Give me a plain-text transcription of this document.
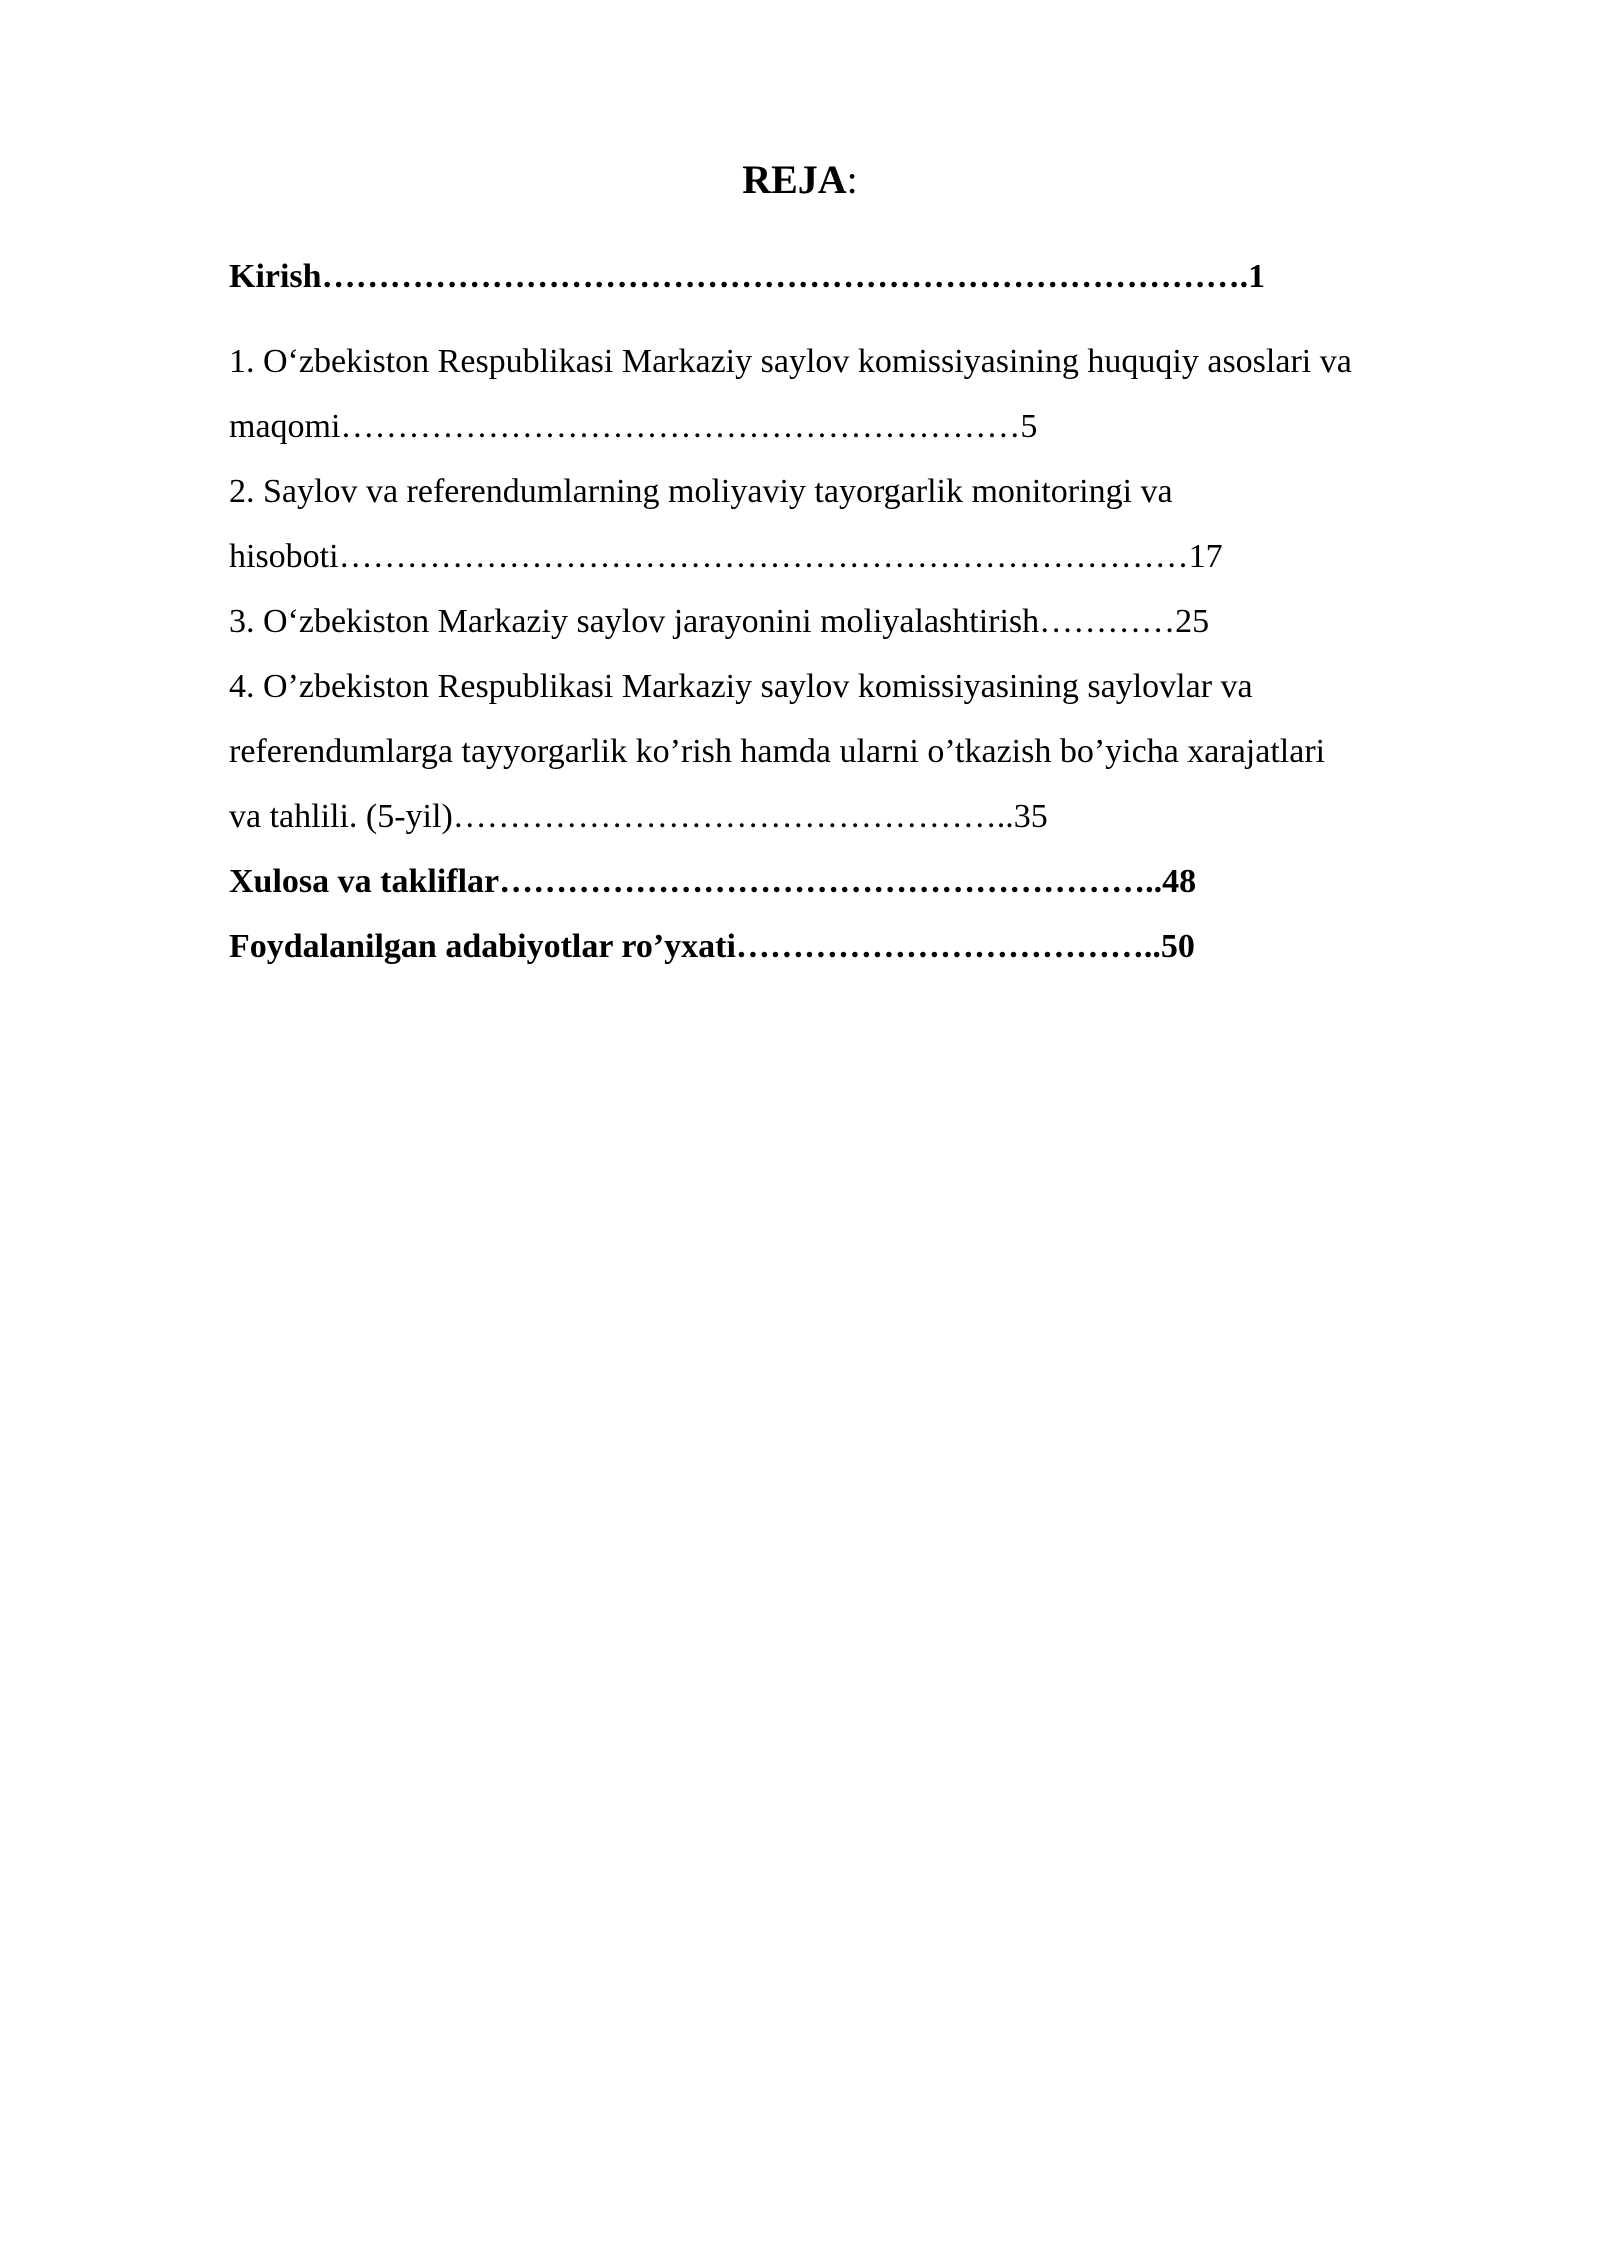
REJA:

Kirish……………………………………………………………………….1

1. O‘zbekiston Respublikasi Markaziy saylov komissiyasining huquqiy asoslari va
maqomi……………………………………………………5

2. Saylov va referendumlarning moliyaviy tayorgarlik monitoringi va
hisoboti…………………………………………………………………17

3. O‘zbekiston Markaziy saylov jarayonini moliyalashtirish…………25

4. O’zbekiston Respublikasi Markaziy saylov komissiyasining saylovlar va
referendumlarga tayyorgarlik ko’rish hamda ularni o’tkazish bo’yicha xarajatlari
va tahlili. (5-yil)…………………………………………..35

Xulosa va takliflar…………………………………………………..48

Foydalanilgan adabiyotlar ro’yxati………………………………..50
